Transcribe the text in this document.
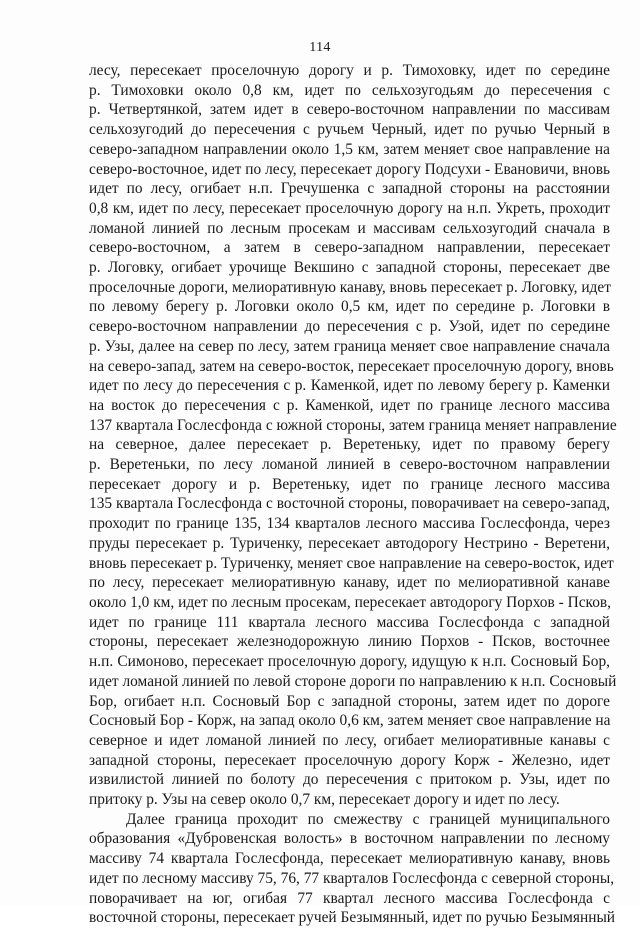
114
лесу, пересекает проселочную дорогу и р. Тимоховку, идет по середине
р. Тимоховки около 0,8 км, идет по сельхозугодьям до пересечения с
р. Четвертянкой, затем идет в северо-восточном направлении по массивам
сельхозугодий до пересечения с ручьем Черный, идет по ручью Черный в
северо-западном направлении около 1,5 км, затем меняет свое направление на
северо-восточное, идет по лесу, пересекает дорогу Подсухи - Евановичи, вновь
идет по лесу, огибает н.п. Гречушенка с западной стороны на расстоянии
0,8 км, идет по лесу, пересекает проселочную дорогу на н.п. Укреть, проходит
ломаной линией по лесным просекам и массивам сельхозугодий сначала в
северо-восточном, а затем в северо-западном направлении, пересекает
р. Логовку, огибает урочище Векшино с западной стороны, пересекает две
проселочные дороги, мелиоративную канаву, вновь пересекает р. Логовку, идет
по левому берегу р. Логовки около 0,5 км, идет по середине р. Логовки в
северо-восточном направлении до пересечения с р. Узой, идет по середине
р. Узы, далее на север по лесу, затем граница меняет свое направление сначала
на северо-запад, затем на северо-восток, пересекает проселочную дорогу, вновь
идет по лесу до пересечения с р. Каменкой, идет по левому берегу р. Каменки
на восток до пересечения с р. Каменкой, идет по границе лесного массива
137 квартала Гослесфонда с южной стороны, затем граница меняет направление
на северное, далее пересекает р. Веретеньку, идет по правому берегу
р. Веретеньки, по лесу ломаной линией в северо-восточном направлении
пересекает дорогу и р. Веретеньку, идет по границе лесного массива
135 квартала Гослесфонда с восточной стороны, поворачивает на северо-запад,
проходит по границе 135, 134 кварталов лесного массива Гослесфонда, через
пруды пересекает р. Туриченку, пересекает автодорогу Нестрино - Веретени,
вновь пересекает р. Туриченку, меняет свое направление на северо-восток, идет
по лесу, пересекает мелиоративную канаву, идет по мелиоративной канаве
около 1,0 км, идет по лесным просекам, пересекает автодорогу Порхов - Псков,
идет по границе 111 квартала лесного массива Гослесфонда с западной
стороны, пересекает железнодорожную линию Порхов - Псков, восточнее
н.п. Симоново, пересекает проселочную дорогу, идущую к н.п. Сосновый Бор,
идет ломаной линией по левой стороне дороги по направлению к н.п. Сосновый
Бор, огибает н.п. Сосновый Бор с западной стороны, затем идет по дороге
Сосновый Бор - Корж, на запад около 0,6 км, затем меняет свое направление на
северное и идет ломаной линией по лесу, огибает мелиоративные канавы с
западной стороны, пересекает проселочную дорогу Корж - Железно, идет
извилистой линией по болоту до пересечения с притоком р. Узы, идет по
притоку р. Узы на север около 0,7 км, пересекает дорогу и идет по лесу.
Далее граница проходит по смежеству с границей муниципального
образования «Дубровенская волость» в восточном направлении по лесному
массиву 74 квартала Гослесфонда, пересекает мелиоративную канаву, вновь
идет по лесному массиву 75, 76, 77 кварталов Гослесфонда с северной стороны,
поворачивает на юг, огибая 77 квартал лесного массива Гослесфонда с
восточной стороны, пересекает ручей Безымянный, идет по ручью Безымянный
